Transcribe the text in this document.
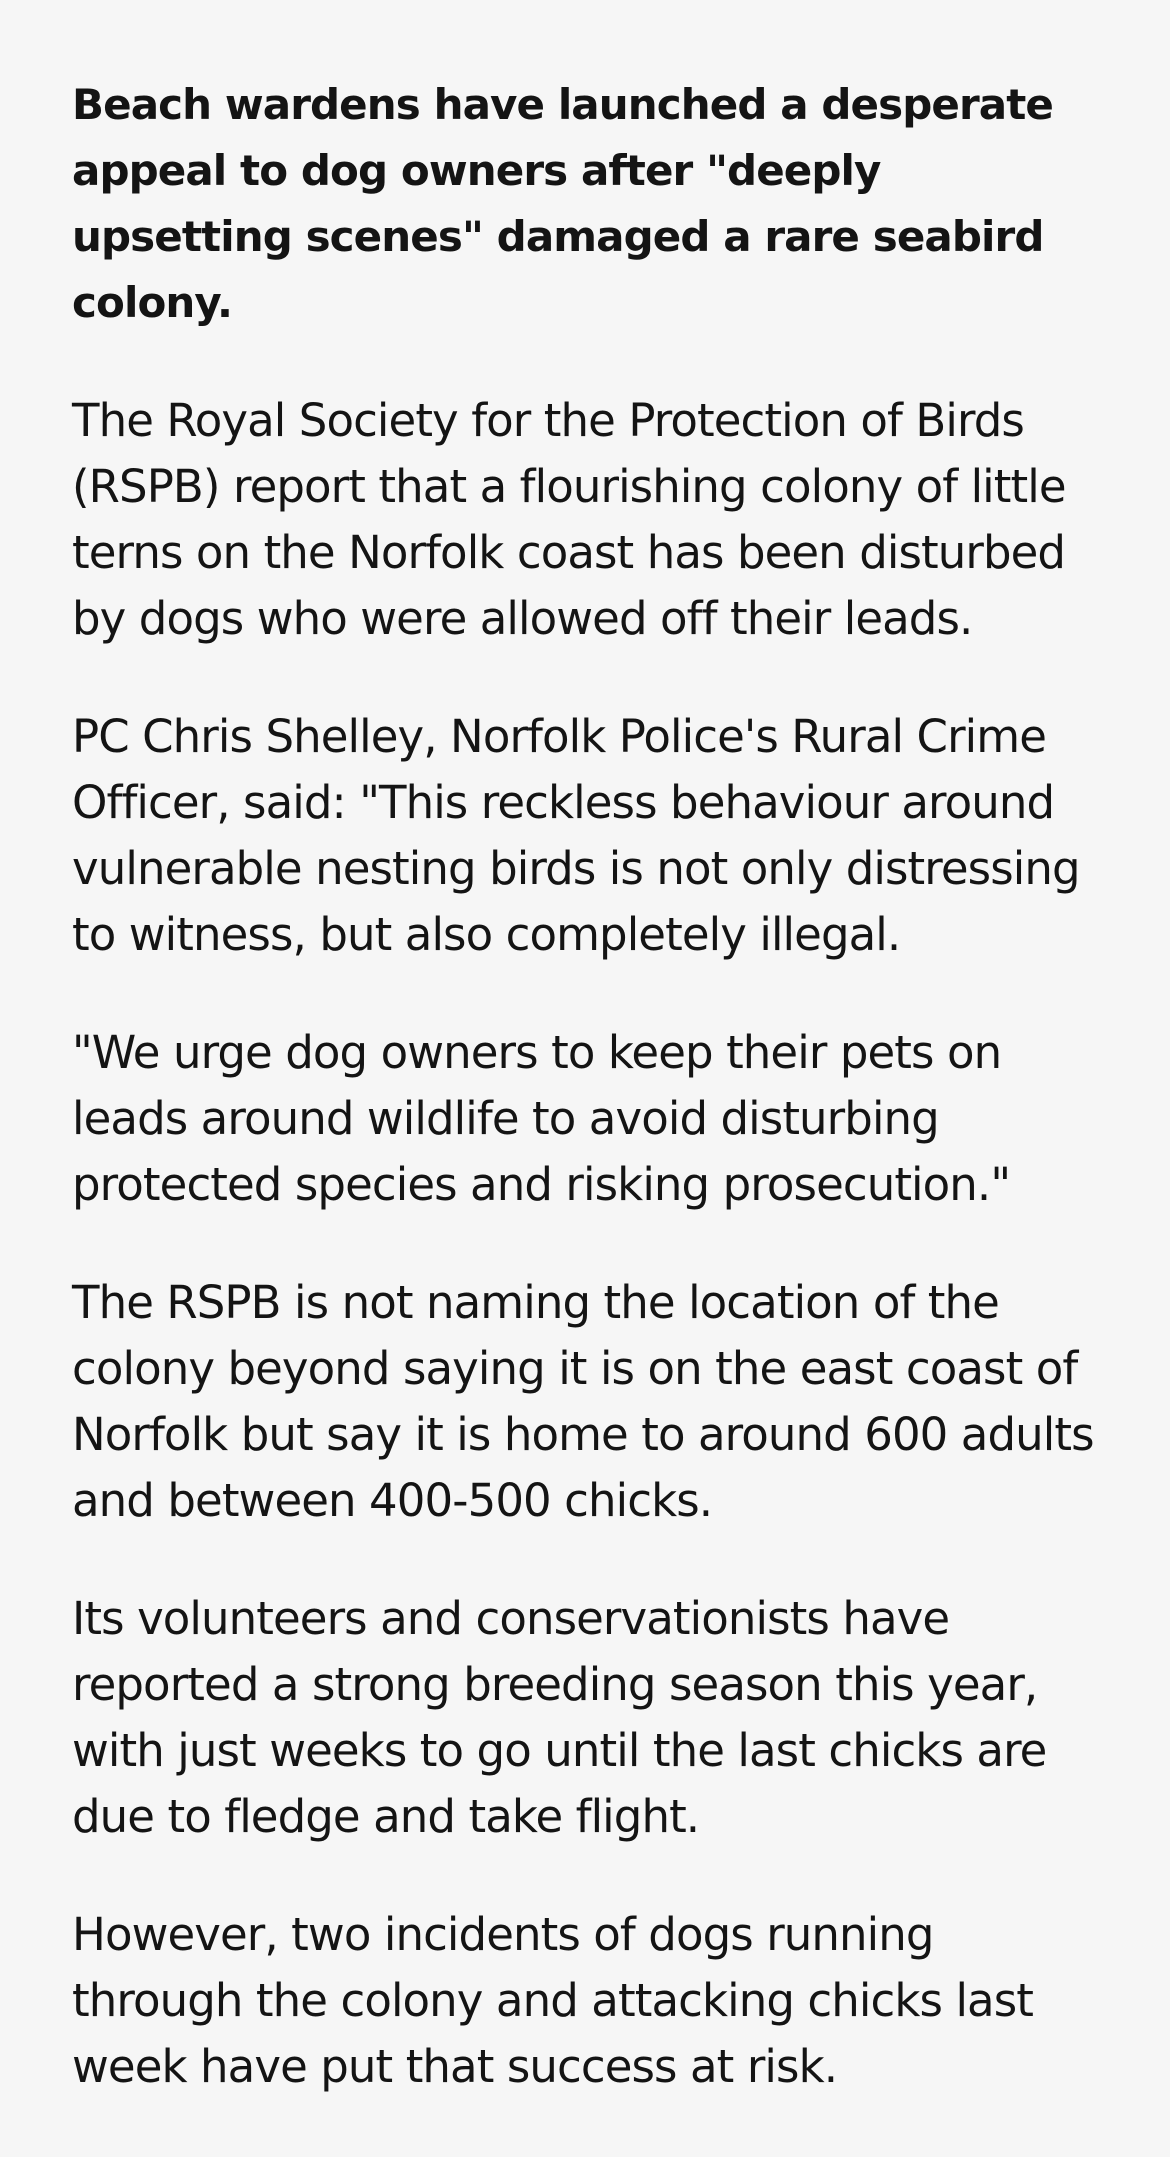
Beach wardens have launched a desperate appeal to dog owners after "deeply upsetting scenes" damaged a rare seabird colony.

The Royal Society for the Protection of Birds (RSPB) report that a flourishing colony of little terns on the Norfolk coast has been disturbed by dogs who were allowed off their leads.

PC Chris Shelley, Norfolk Police's Rural Crime Officer, said: "This reckless behaviour around vulnerable nesting birds is not only distressing to witness, but also completely illegal.

"We urge dog owners to keep their pets on leads around wildlife to avoid disturbing protected species and risking prosecution."

The RSPB is not naming the location of the colony beyond saying it is on the east coast of Norfolk but say it is home to around 600 adults and between 400-500 chicks.

Its volunteers and conservationists have reported a strong breeding season this year, with just weeks to go until the last chicks are due to fledge and take flight.

However, two incidents of dogs running through the colony and attacking chicks last week have put that success at risk.
